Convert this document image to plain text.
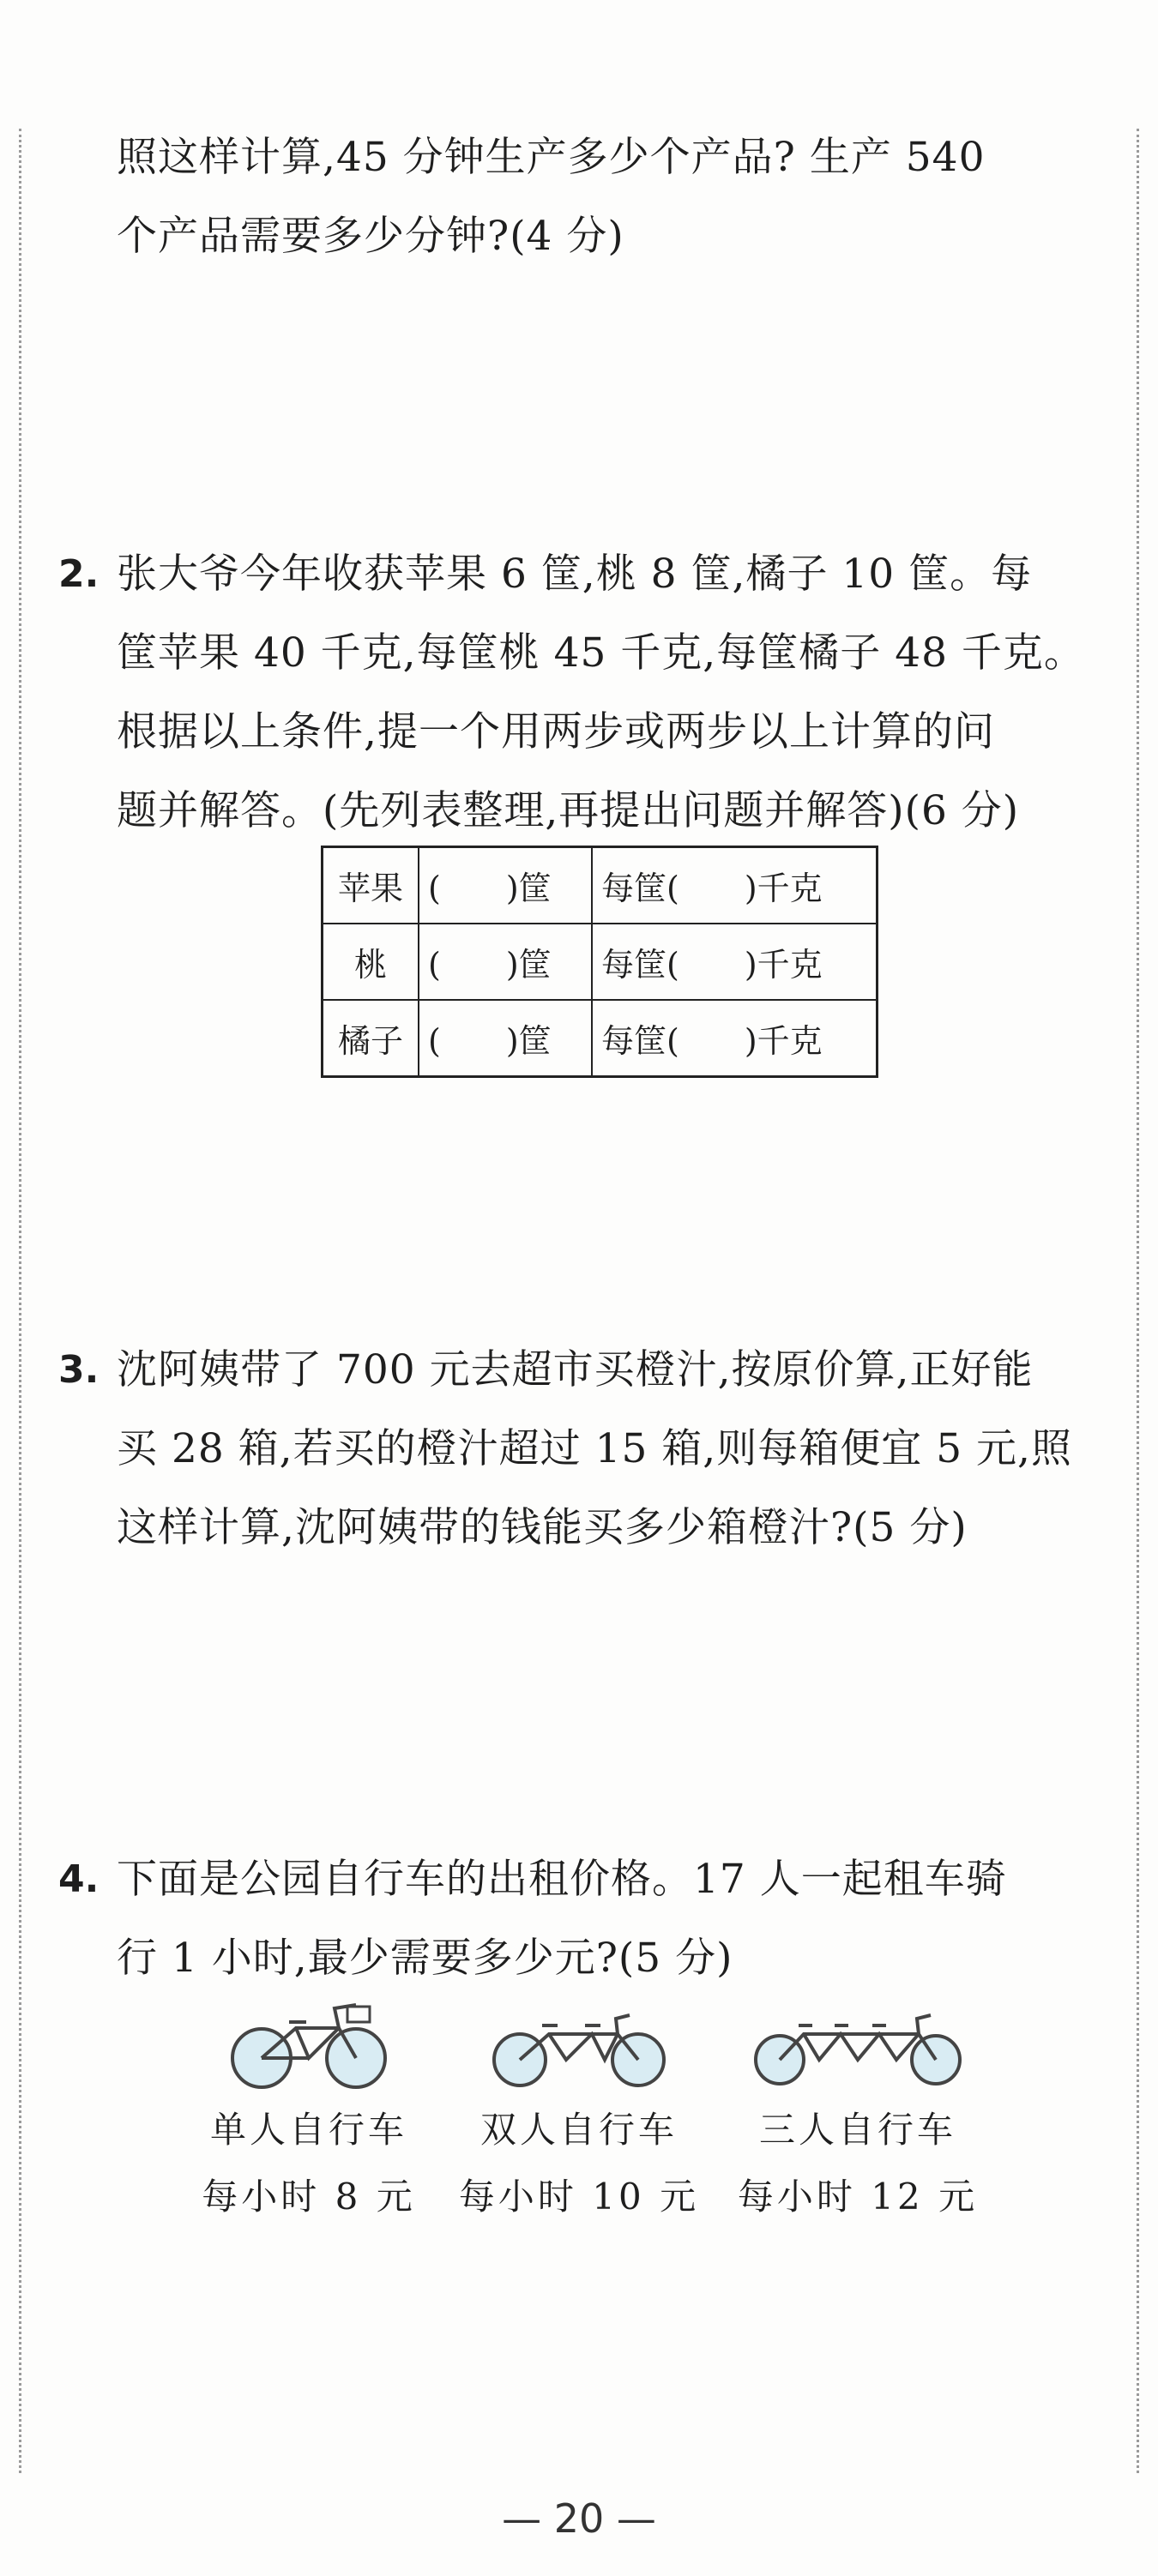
照这样计算,45 分钟生产多少个产品? 生产 540
个产品需要多少分钟?(4 分)
2. 张大爷今年收获苹果 6 筐,桃 8 筐,橘子 10 筐。每
筐苹果 40 千克,每筐桃 45 千克,每筐橘子 48 千克。
根据以上条件,提一个用两步或两步以上计算的问
题并解答。(先列表整理,再提出问题并解答)(6 分)
苹果	(　　)筐	每筐(　　)千克
桃	(　　)筐	每筐(　　)千克
橘子	(　　)筐	每筐(　　)千克
3. 沈阿姨带了 700 元去超市买橙汁,按原价算,正好能
买 28 箱,若买的橙汁超过 15 箱,则每箱便宜 5 元,照
这样计算,沈阿姨带的钱能买多少箱橙汁?(5 分)
4. 下面是公园自行车的出租价格。17 人一起租车骑
行 1 小时,最少需要多少元?(5 分)
单人自行车
每小时 8 元
双人自行车
每小时 10 元
三人自行车
每小时 12 元
— 20 —
